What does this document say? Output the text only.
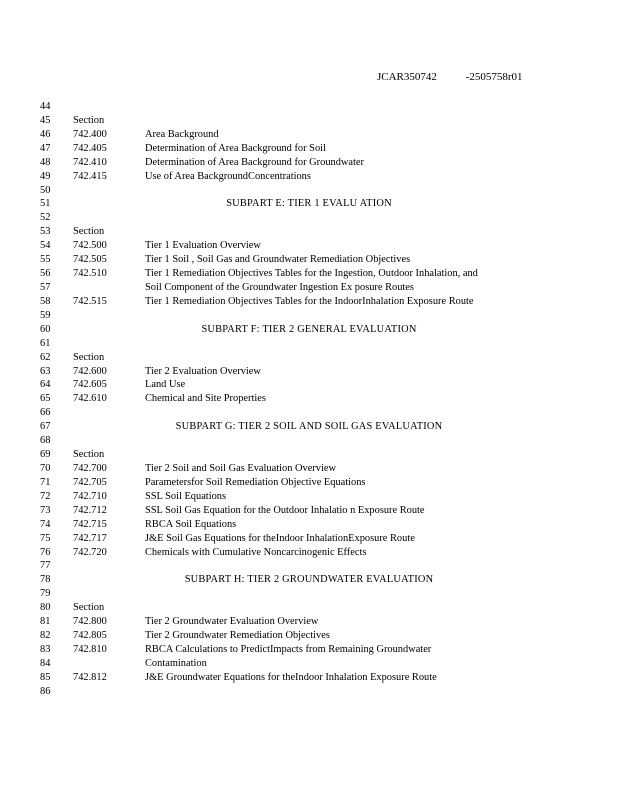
JCAR350742	-2505758r01
44
45	Section
46	742.400	Area Background
47	742.405	Determination of Area Background for Soil
48	742.410	Determination of Area Background for Groundwater
49	742.415	Use of Area BackgroundConcentrations
50
51	SUBPART E: TIER 1 EVALU ATION
52
53	Section
54	742.500	Tier 1 Evaluation Overview
55	742.505	Tier 1 Soil , Soil Gas and Groundwater Remediation Objectives
56	742.510	Tier 1 Remediation Objectives Tables for the Ingestion, Outdoor Inhalation, and
57	Soil Component of the Groundwater Ingestion Ex posure Routes
58	742.515	Tier 1 Remediation Objectives Tables for the IndoorInhalation Exposure Route
59
60	SUBPART F: TIER 2 GENERAL EVALUATION
61
62	Section
63	742.600	Tier 2 Evaluation Overview
64	742.605	Land Use
65	742.610	Chemical and Site Properties
66
67	SUBPART G: TIER 2 SOIL AND SOIL GAS EVALUATION
68
69	Section
70	742.700	Tier 2 Soil and Soil Gas Evaluation Overview
71	742.705	Parametersfor Soil Remediation Objective Equations
72	742.710	SSL Soil Equations
73	742.712	SSL Soil Gas Equation for the Outdoor Inhalatio n Exposure Route
74	742.715	RBCA Soil Equations
75	742.717	J&E Soil Gas Equations for theIndoor InhalationExposure Route
76	742.720	Chemicals with Cumulative Noncarcinogenic Effects
77
78	SUBPART H: TIER 2 GROUNDWATER EVALUATION
79
80	Section
81	742.800	Tier 2 Groundwater Evaluation Overview
82	742.805	Tier 2 Groundwater Remediation Objectives
83	742.810	RBCA Calculations to PredictImpacts from Remaining Groundwater
84	Contamination
85	742.812	J&E Groundwater Equations for theIndoor Inhalation Exposure Route
86
